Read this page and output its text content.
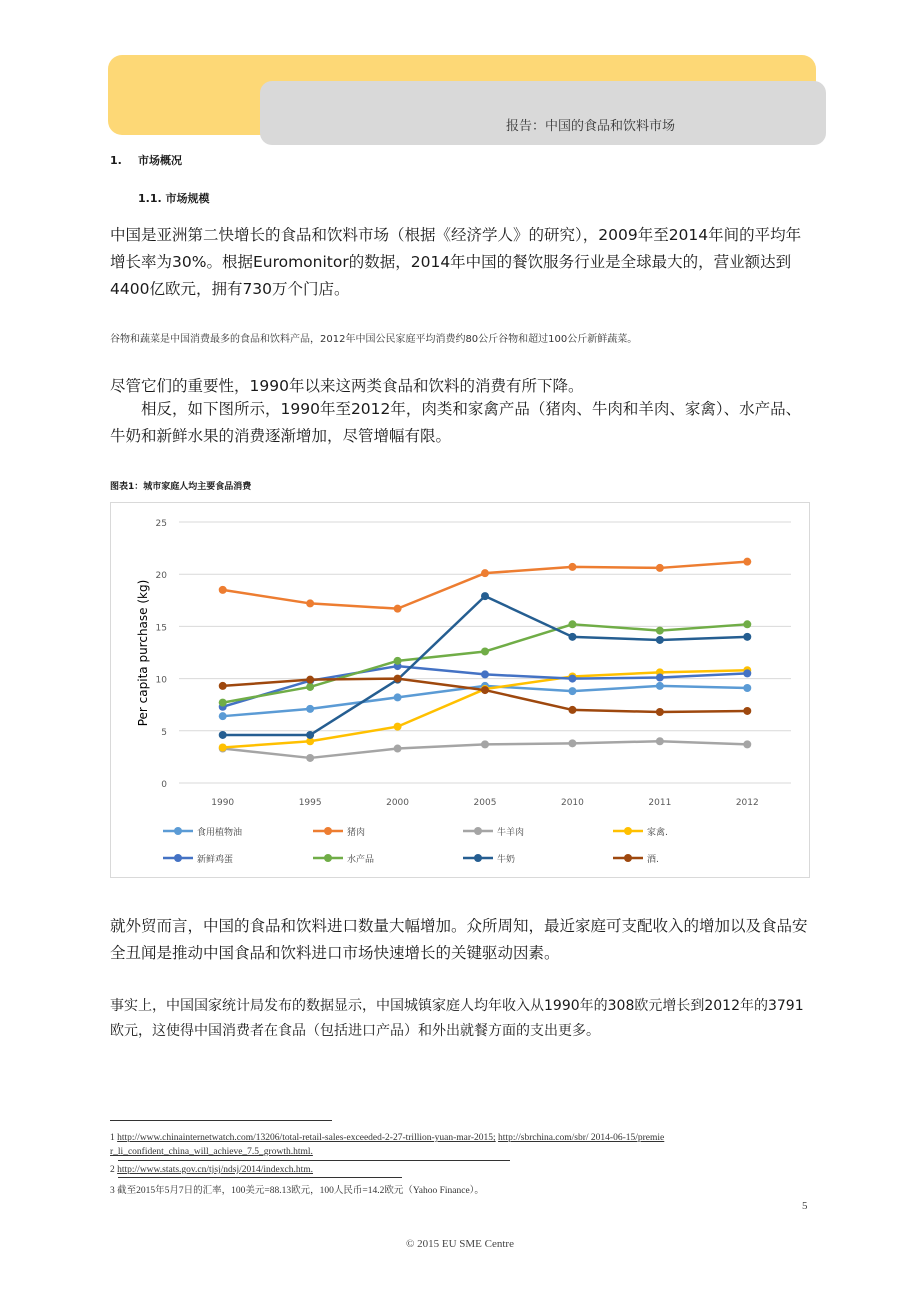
报告：中国的食品和饮料市场
1. 市场概况
1.1. 市场规模
中国是亚洲第二快增长的食品和饮料市场（根据《经济学人》的研究），2009年至2014年间的平均年增长率为30%。根据Euromonitor的数据，2014年中国的餐饮服务行业是全球最大的，营业额达到4400亿欧元，拥有730万个门店。
谷物和蔬菜是中国消费最多的食品和饮料产品，2012年中国公民家庭平均消费约80公斤谷物和超过100公斤新鲜蔬菜。
尽管它们的重要性，1990年以来这两类食品和饮料的消费有所下降。
相反，如下图所示，1990年至2012年，肉类和家禽产品（猪肉、牛肉和羊肉、家禽）、水产品、牛奶和新鲜水果的消费逐渐增加，尽管增幅有限。
图表1：城市家庭人均主要食品消费
0
5
10
15
20
25
1990	1995	2000	2005	2010	2011	2012
Per capita purchase (kg)
食用植物油	猪肉	牛羊肉	家禽.
新鲜鸡蛋	水产品	牛奶	酒.
就外贸而言，中国的食品和饮料进口数量大幅增加。众所周知，最近家庭可支配收入的增加以及食品安全丑闻是推动中国食品和饮料进口市场快速增长的关键驱动因素。
事实上，中国国家统计局发布的数据显示，中国城镇家庭人均年收入从1990年的308欧元增长到2012年的3791欧元，这使得中国消费者在食品（包括进口产品）和外出就餐方面的支出更多。
1 http://www.chinainternetwatch.com/13206/total-retail-sales-exceeded-2-27-trillion-yuan-mar-2015; http://sbrchina.com/sbr/ 2014-06-15/premie
r_li_confident_china_will_achieve_7.5_growth.html.
2 http://www.stats.gov.cn/tjsj/ndsj/2014/indexch.htm.
3 截至2015年5月7日的汇率，100美元=88.13欧元，100人民币=14.2欧元（Yahoo Finance）。
5
© 2015 EU SME Centre
